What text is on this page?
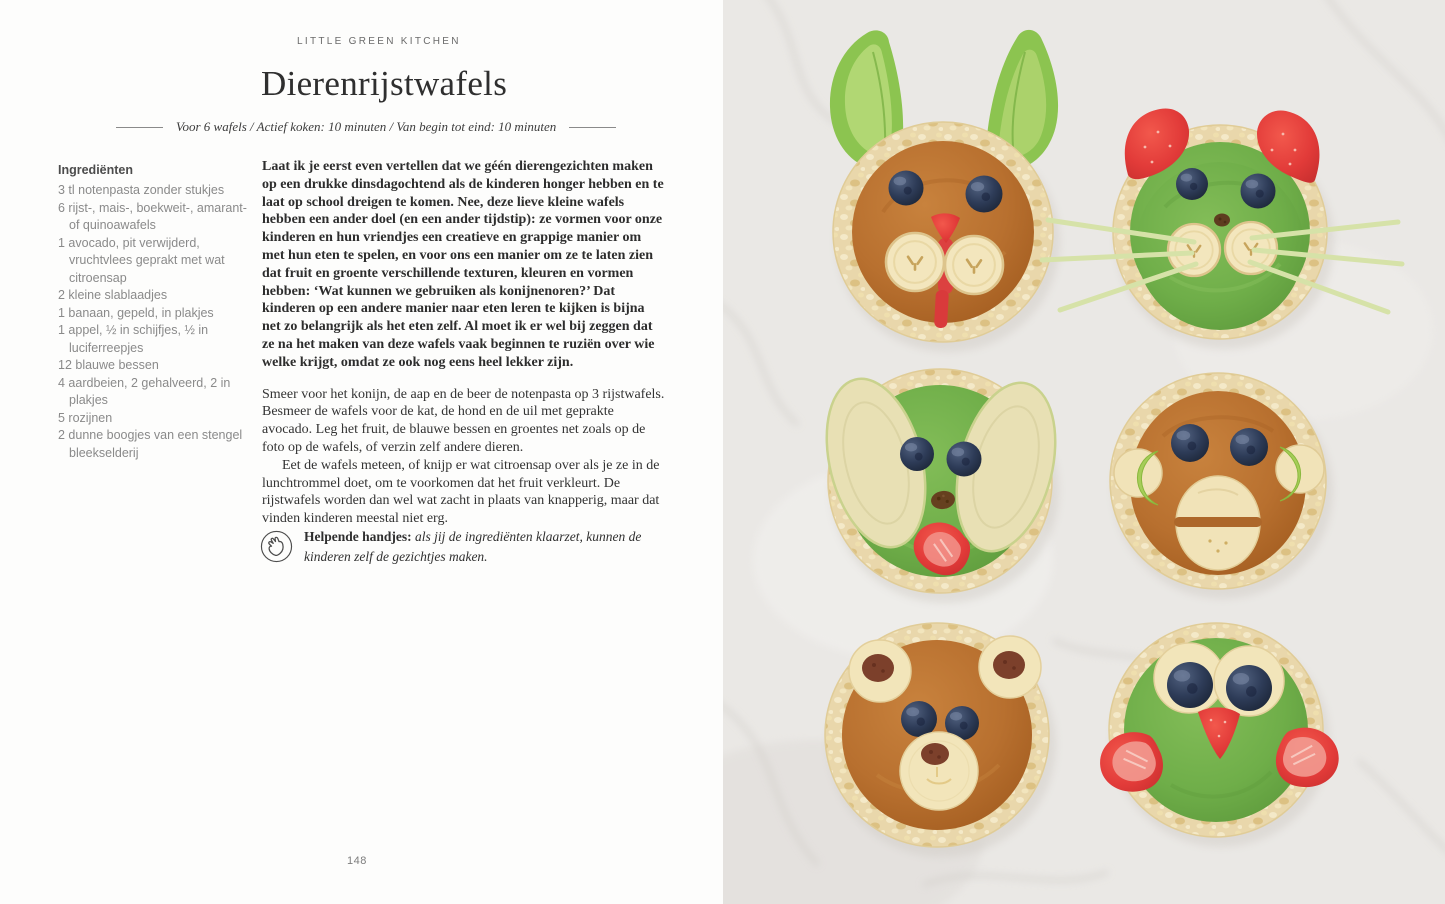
LITTLE GREEN KITCHEN
Dierenrijstwafels
Voor 6 wafels / Actief koken: 10 minuten / Van begin tot eind: 10 minuten
Ingrediënten
3 tl notenpasta zonder stukjes
6 rijst-, mais-, boekweit-, amarant- of quinoawafels
1 avocado, pit verwijderd, vruchtvlees geprakt met wat citroensap
2 kleine slablaadjes
1 banaan, gepeld, in plakjes
1 appel, ½ in schijfjes, ½ in luciferreepjes
12 blauwe bessen
4 aardbeien, 2 gehalveerd, 2 in plakjes
5 rozijnen
2 dunne boogjes van een stengel bleekselderij

Laat ik je eerst even vertellen dat we géén dierengezichten maken op een drukke dinsdagochtend als de kinderen honger hebben en te laat op school dreigen te komen. Nee, deze lieve kleine wafels hebben een ander doel (en een ander tijdstip): ze vormen voor onze kinderen en hun vriendjes een creatieve en grappige manier om met hun eten te spelen, en voor ons een manier om ze te laten zien dat fruit en groente verschillende texturen, kleuren en vormen hebben: ‘Wat kunnen we gebruiken als konijnenoren?’ Dat kinderen op een andere manier naar eten leren te kijken is bijna net zo belangrijk als het eten zelf. Al moet ik er wel bij zeggen dat ze na het maken van deze wafels vaak beginnen te ruziën over wie welke krijgt, omdat ze ook nog eens heel lekker zijn.

Smeer voor het konijn, de aap en de beer de notenpasta op 3 rijstwafels. Besmeer de wafels voor de kat, de hond en de uil met geprakte avocado. Leg het fruit, de blauwe bessen en groentes net zoals op de foto op de wafels, of verzin zelf andere dieren.

Eet de wafels meteen, of knijp er wat citroensap over als je ze in de lunchtrommel doet, om te voorkomen dat het fruit verkleurt. De rijstwafels worden dan wel wat zacht in plaats van knapperig, maar dat vinden kinderen meestal niet erg.

Helpende handjes: als jij de ingrediënten klaarzet, kunnen de kinderen zelf de gezichtjes maken.

148
